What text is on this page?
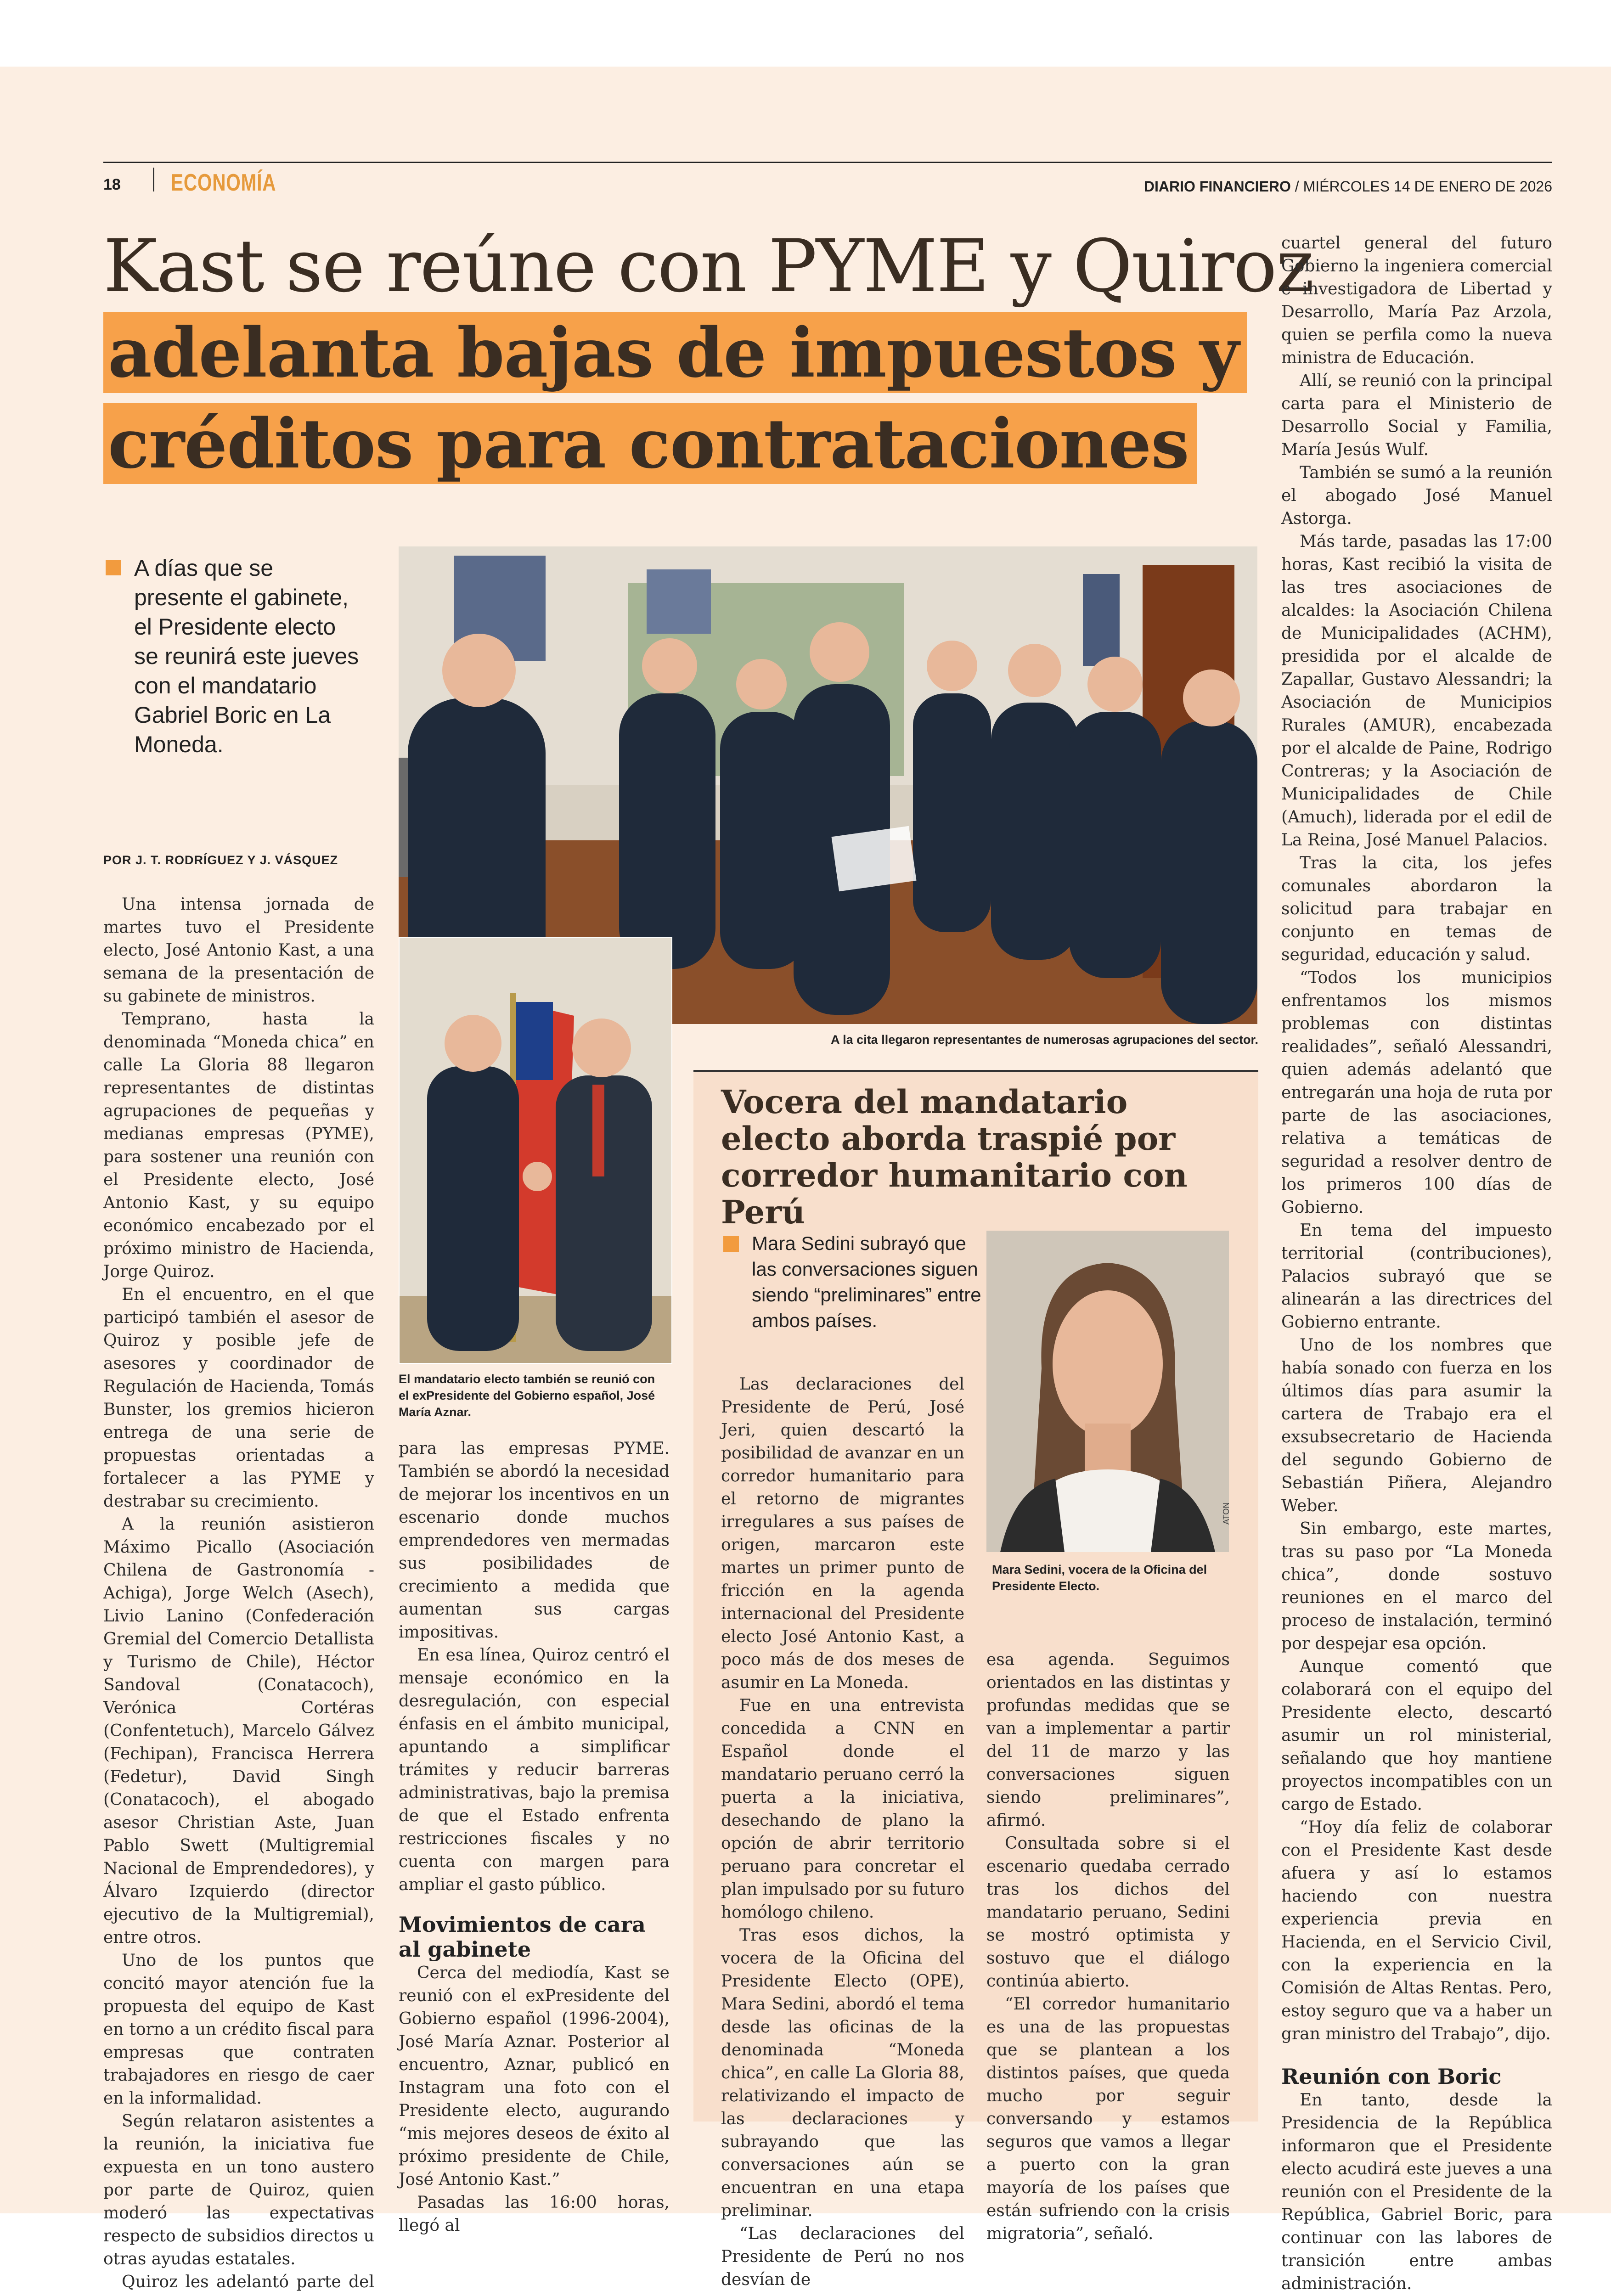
18 ECONOMÍA	DIARIO FINANCIERO / MIÉRCOLES 14 DE ENERO DE 2026
Kast se reúne con PYME y Quiroz
adelanta bajas de impuestos y
créditos para contrataciones
A días que se presente el gabinete, el Presidente electo se reunirá este jueves con el mandatario Gabriel Boric en La Moneda.
POR J. T. RODRÍGUEZ Y J. VÁSQUEZ
A la cita llegaron representantes de numerosas agrupaciones del sector.
El mandatario electo también se reunió con el exPresidente del Gobierno español, José María Aznar.

Una intensa jornada de martes tuvo el Presidente electo, José Antonio Kast, a una semana de la presentación de su gabinete de ministros.

Temprano, hasta la denominada “Moneda chica” en calle La Gloria 88 llegaron representantes de distintas agrupaciones de pequeñas y medianas empresas (PYME), para sostener una reunión con el Presidente electo, José Antonio Kast, y su equipo económico encabezado por el próximo ministro de Hacienda, Jorge Quiroz.

En el encuentro, en el que participó también el asesor de Quiroz y posible jefe de asesores y coordinador de Regulación de Hacienda, Tomás Bunster, los gremios hicieron entrega de una serie de propuestas orientadas a fortalecer a las PYME y destrabar su crecimiento.

A la reunión asistieron Máximo Picallo (Asociación Chilena de Gastronomía -Achiga), Jorge Welch (Asech), Livio Lanino (Confederación Gremial del Comercio Detallista y Turismo de Chile), Héctor Sandoval (Conatacoch), Verónica Cortéras (Confentetuch), Marcelo Gálvez (Fechipan), Francisca Herrera (Fedetur), David Singh (Conatacoch), el abogado asesor Christian Aste, Juan Pablo Swett (Multigremial Nacional de Emprendedores), y Álvaro Izquierdo (director ejecutivo de la Multigremial), entre otros.

Uno de los puntos que concitó mayor atención fue la propuesta del equipo de Kast en torno a un crédito fiscal para empresas que contraten trabajadores en riesgo de caer en la informalidad.

Según relataron asistentes a la reunión, la iniciativa fue expuesta en un tono austero por parte de Quiroz, quien moderó las expectativas respecto de subsidios directos u otras ayudas estatales.

Quiroz les adelantó parte del

para las empresas PYME. También se abordó la necesidad de mejorar los incentivos en un escenario donde muchos emprendedores ven mermadas sus posibilidades de crecimiento a medida que aumentan sus cargas impositivas.

En esa línea, Quiroz centró el mensaje económico en la desregulación, con especial énfasis en el ámbito municipal, apuntando a simplificar trámites y reducir barreras administrativas, bajo la premisa de que el Estado enfrenta restricciones fiscales y no cuenta con margen para ampliar el gasto público.

Movimientos de cara al gabinete

Cerca del mediodía, Kast se reunió con el exPresidente del Gobierno español (1996-2004), José María Aznar. Posterior al encuentro, Aznar, publicó en Instagram una foto con el Presidente electo, augurando “mis mejores deseos de éxito al próximo presidente de Chile, José Antonio Kast.”

Pasadas las 16:00 horas, llegó al

Vocera del mandatario electo aborda traspié por corredor humanitario con Perú
Mara Sedini subrayó que las conversaciones siguen siendo “preliminares” entre ambos países.
ATON
Mara Sedini, vocera de la Oficina del Presidente Electo.

Las declaraciones del Presidente de Perú, José Jeri, quien descartó la posibilidad de avanzar en un corredor humanitario para el retorno de migrantes irregulares a sus países de origen, marcaron este martes un primer punto de fricción en la agenda internacional del Presidente electo José Antonio Kast, a poco más de dos meses de asumir en La Moneda.

Fue en una entrevista concedida a CNN en Español donde el mandatario peruano cerró la puerta a la iniciativa, desechando de plano la opción de abrir territorio peruano para concretar el plan impulsado por su futuro homólogo chileno.

Tras esos dichos, la vocera de la Oficina del Presidente Electo (OPE), Mara Sedini, abordó el tema desde las oficinas de la denominada “Moneda chica”, en calle La Gloria 88, relativizando el impacto de las declaraciones y subrayando que las conversaciones aún se encuentran en una etapa preliminar.

“Las declaraciones del Presidente de Perú no nos desvían de

esa agenda. Seguimos orientados en las distintas y profundas medidas que se van a implementar a partir del 11 de marzo y las conversaciones siguen siendo preliminares”, afirmó.

Consultada sobre si el escenario quedaba cerrado tras los dichos del mandatario peruano, Sedini se mostró optimista y sostuvo que el diálogo continúa abierto.

“El corredor humanitario es una de las propuestas que se plantean a los distintos países, que queda mucho por seguir conversando y estamos seguros que vamos a llegar a puerto con la gran mayoría de los países que están sufriendo con la crisis migratoria”, señaló.

cuartel general del futuro Gobierno la ingeniera comercial e investigadora de Libertad y Desarrollo, María Paz Arzola, quien se perfila como la nueva ministra de Educación.

Allí, se reunió con la principal carta para el Ministerio de Desarrollo Social y Familia, María Jesús Wulf.

También se sumó a la reunión el abogado José Manuel Astorga.

Más tarde, pasadas las 17:00 horas, Kast recibió la visita de las tres asociaciones de alcaldes: la Asociación Chilena de Municipalidades (ACHM), presidida por el alcalde de Zapallar, Gustavo Alessandri; la Asociación de Municipios Rurales (AMUR), encabezada por el alcalde de Paine, Rodrigo Contreras; y la Asociación de Municipalidades de Chile (Amuch), liderada por el edil de La Reina, José Manuel Palacios.

Tras la cita, los jefes comunales abordaron la solicitud para trabajar en conjunto en temas de seguridad, educación y salud.

“Todos los municipios enfrentamos los mismos problemas con distintas realidades”, señaló Alessandri, quien además adelantó que entregarán una hoja de ruta por parte de las asociaciones, relativa a temáticas de seguridad a resolver dentro de los primeros 100 días de Gobierno.

En tema del impuesto territorial (contribuciones), Palacios subrayó que se alinearán a las directrices del Gobierno entrante.

Uno de los nombres que había sonado con fuerza en los últimos días para asumir la cartera de Trabajo era el exsubsecretario de Hacienda del segundo Gobierno de Sebastián Piñera, Alejandro Weber.

Sin embargo, este martes, tras su paso por “La Moneda chica”, donde sostuvo reuniones en el marco del proceso de instalación, terminó por despejar esa opción.

Aunque comentó que colaborará con el equipo del Presidente electo, descartó asumir un rol ministerial, señalando que hoy mantiene proyectos incompatibles con un cargo de Estado.

“Hoy día feliz de colaborar con el Presidente Kast desde afuera y así lo estamos haciendo con nuestra experiencia previa en Hacienda, en el Servicio Civil, con la experiencia en la Comisión de Altas Rentas. Pero, estoy seguro que va a haber un gran ministro del Trabajo”, dijo.

Reunión con Boric

En tanto, desde la Presidencia de la República informaron que el Presidente electo acudirá este jueves a una reunión con el Presidente de la República, Gabriel Boric, para continuar con las labores de transición entre ambas administración.
